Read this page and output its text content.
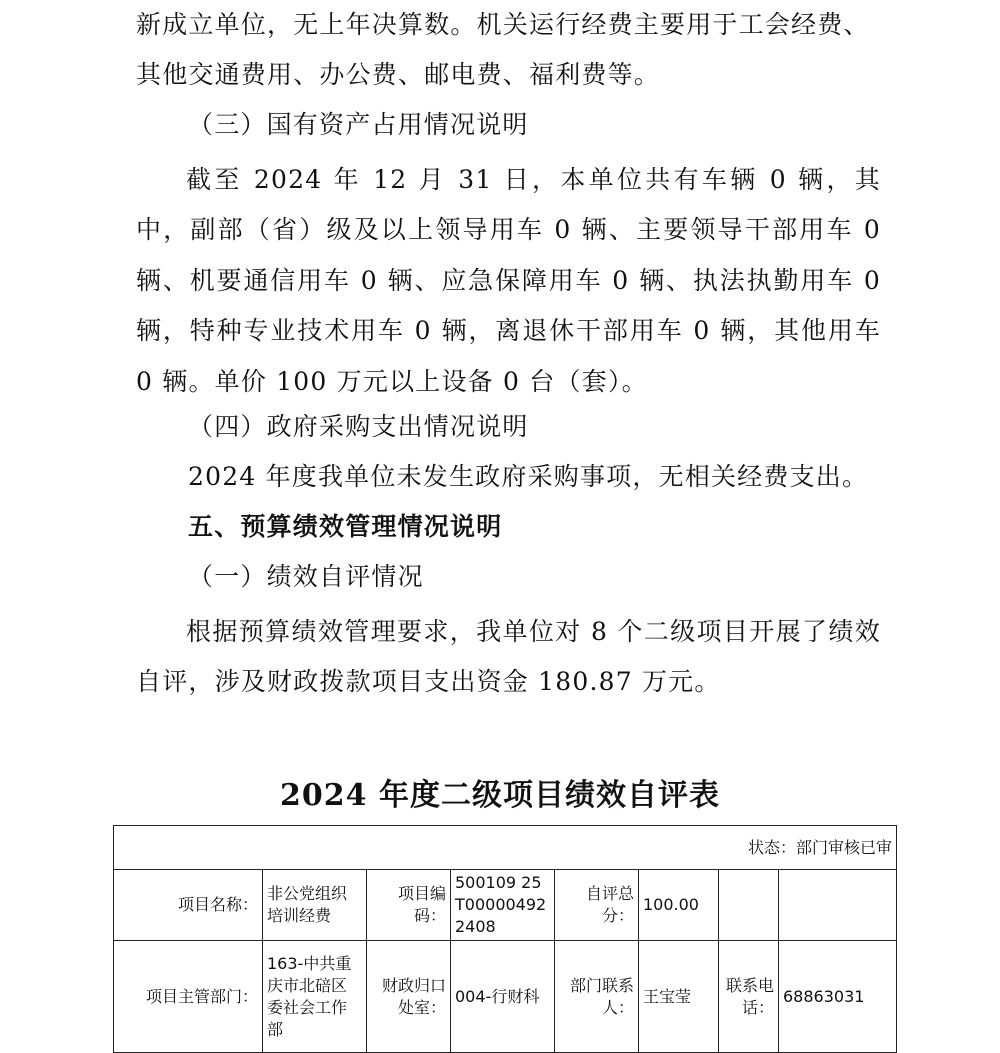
新成立单位，无上年决算数。机关运行经费主要用于工会经费、

其他交通费用、办公费、邮电费、福利费等。

（三）国有资产占用情况说明

截至 2024 年 12 月 31 日，本单位共有车辆 0 辆，其中，副部（省）级及以上领导用车 0 辆、主要领导干部用车 0 辆、机要通信用车 0 辆、应急保障用车 0 辆、执法执勤用车 0 辆，特种专业技术用车 0 辆，离退休干部用车 0 辆，其他用车 0 辆。单价 100 万元以上设备 0 台（套）。

（四）政府采购支出情况说明

2024 年度我单位未发生政府采购事项，无相关经费支出。

五、预算绩效管理情况说明

（一）绩效自评情况

根据预算绩效管理要求，我单位对 8 个二级项目开展了绩效自评，涉及财政拨款项目支出资金 180.87 万元。

2024 年度二级项目绩效自评表
状态：部门审核已审							
项目名称：	非公党组织培训经费	项目编码：	500109 25T000004922408	自评总分：	100.00		
项目主管部门：	163-中共重庆市北碚区委社会工作部	财政归口处室：	004-行财科	部门联系人：	王宝莹	联系电话：	68863031
